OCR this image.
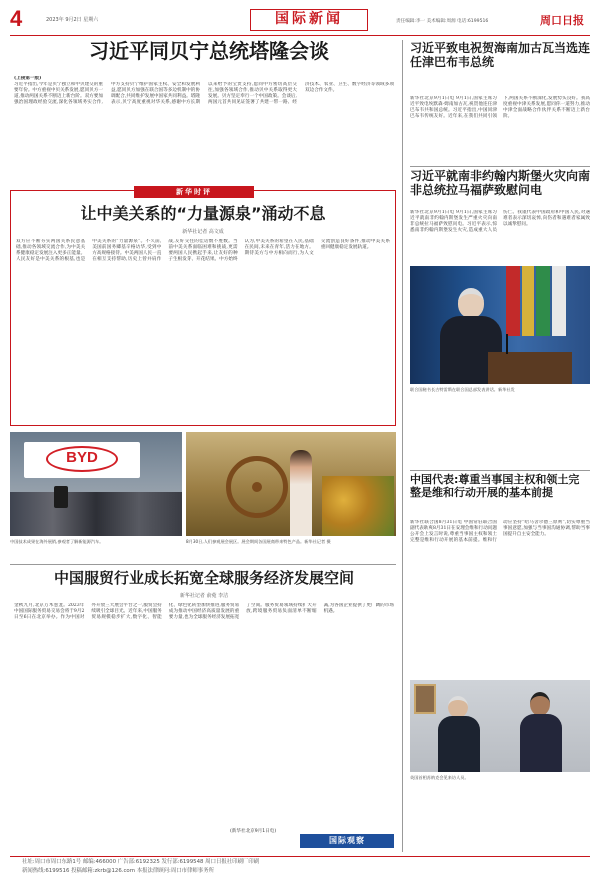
4	2023年 9月2日 星期六	国际新闻	责任编辑:李一 美术编辑:周源 电话:6199516	周口日报
习近平同贝宁总统塔隆会谈
(上接第一版)
习近平指出,今年是贝宁独立和中贝建交的重要年份。中方重视中贝关系发展,愿同贝方一道,推动两国关系不断迈上新台阶。双方要加强治国理政经验交流,深化各领域务实合作,中方支持贝宁维护国家主权、安全和发展利益,愿同贝方加强在联合国等多边机制中的协调配合,共同维护发展中国家共同利益。塔隆表示,贝宁高度重视对华关系,感谢中方长期以来给予的宝贵支持,愿同中方密切高层交往,加强各领域合作,推动贝中关系取得更大发展。贝方坚定奉行一个中国政策。会谈后,两国元首共同见证签署了共建一带一路、经济技术、农业、卫生、数字经济等领域多项双边合作文件。
新华时评
让中美关系的“力量源泉”涌动不息
新华社记者 高文成
双方应不断夯实两国关系民意基础,推动各领域交流合作,为中美关系健康稳定发展注入更多正能量。人民友好是中美关系的根基,也是中美关系的“力量源泉”。不久前,美国前国务卿基辛格访华,受到中方高规格接待。中美两国人民一直在相互支持帮助,历史上曾并肩作战,友好交往的佳话数不胜数。当前中美关系面临困难和挑战,更需要两国人民携起手来,让友好的种子生根发芽、开花结果。中方始终认为,中美关系的希望在人民,基础在民间,未来在青年,活力在地方。期待美方与中方相向而行,为人文交流创造良好条件,推动中美关系重回健康稳定发展轨道。
BYD
中国技术成果在海外展销,参观者了解新能源汽车。	8月30日,人们参观展会展区。展会期间各国展商带来特色产品。新华社记者 摄
中国服贸行业成长拓宽全球服务经济发展空间
新华社记者 俞菀 李洁
金秋九月,北京万木葱茏。2023年中国国际服务贸易交易会将于9月2日至6日在北京举办。作为中国对外开放三大展会平台之一,服贸会持续吸引全球目光。近年来,中国服务贸易规模稳步扩大,数字化、智能化、绿色化转型加快推进,服务贸易成为推动中国经济高质量发展的重要力量,也为全球服务经济发展拓宽了空间。服务贸易领域持续扩大开放,跨境服务贸易负面清单不断缩减,为各国企业提供了更广阔的市场机遇。
(新华社北京9月1日电)
国际观察
习近平致电祝贺海南加古瓦当选连任津巴布韦总统
新华社北京9月1日电 9月1日,国家主席习近平致电埃默森·姆南加古瓦,祝贺他连任津巴布韦共和国总统。习近平指出,中国同津巴布韦传统友好。近年来,在我们共同引领下,两国关系不断深化,发展势头良好。我高度重视中津关系发展,愿同你一道努力,推动中津全面战略合作伙伴关系不断迈上新台阶。
习近平就南非约翰内斯堡火灾向南非总统拉马福萨致慰问电
新华社北京9月1日电 9月1日,国家主席习近平就南非约翰内斯堡发生严重火灾向南非总统拉马福萨致慰问电。习近平表示,惊悉南非约翰内斯堡发生火灾,造成重大人员伤亡。我谨代表中国政府和中国人民,对遇难者表示深切哀悼,向伤者和遇难者家属致以诚挚慰问。
联合国秘书长古特雷斯在联合国总部发表讲话。新华社发
中国代表:尊重当事国主权和领土完整是维和行动开展的基本前提
新华社联合国8月31日电 中国常驻联合国副代表耿爽8月31日在安理会维和行动问题公开会上发言时说,尊重当事国主权和领土完整是维和行动开展的基本前提。维和行动应坚持“哈马舍尔德三原则”,切实尊重当事国意愿,加强与当事国沟通协调,帮助当事国提升自主安全能力。
英国首相苏纳克会见来访人员。
社址:周口市周口东路1号 邮编:466000 广告部:6192325 发行部:6199548 周口日报社印刷厂印刷
新闻热线:6199516 投稿邮箱:zkrb@126.com 本报法律顾问:周口市律师事务所
